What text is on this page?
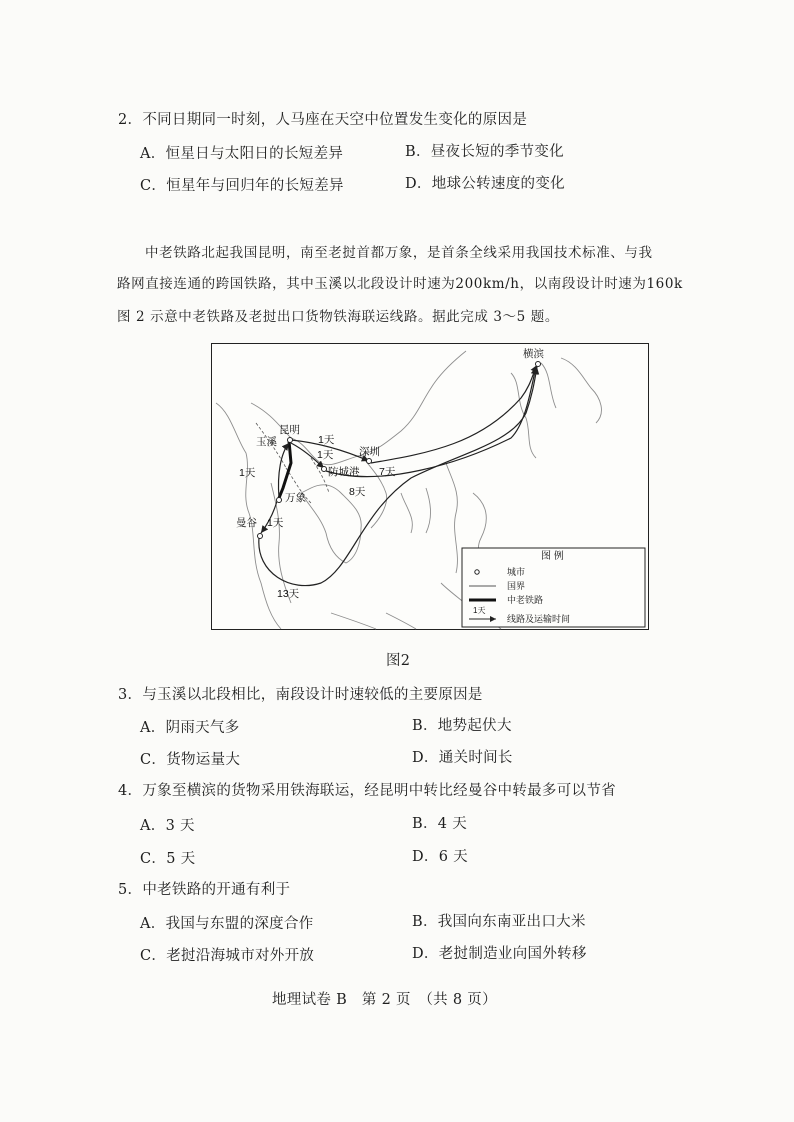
2．不同日期同一时刻，人马座在天空中位置发生变化的原因是
A．恒星日与太阳日的长短差异	B．昼夜长短的季节变化
C．恒星年与回归年的长短差异	D．地球公转速度的变化
中老铁路北起我国昆明，南至老挝首都万象，是首条全线采用我国技术标准、与我
路网直接连通的跨国铁路，其中玉溪以北段设计时速为200km/h，以南段设计时速为160k
图 2 示意中老铁路及老挝出口货物铁海联运线路。据此完成 3～5 题。
横滨
昆明
玉溪
深圳
防城港
万象
曼谷
1天
1天
1天	7天
8天
1天
13天
图 例
城市
国界
中老铁路
1天
线路及运输时间
图2
3．与玉溪以北段相比，南段设计时速较低的主要原因是
A．阴雨天气多	B．地势起伏大
C．货物运量大	D．通关时间长
4．万象至横滨的货物采用铁海联运，经昆明中转比经曼谷中转最多可以节省
A．3 天	B．4 天
C．5 天	D．6 天
5．中老铁路的开通有利于
A．我国与东盟的深度合作	B．我国向东南亚出口大米
C．老挝沿海城市对外开放	D．老挝制造业向国外转移
地理试卷 B　第 2 页　（共 8 页）
